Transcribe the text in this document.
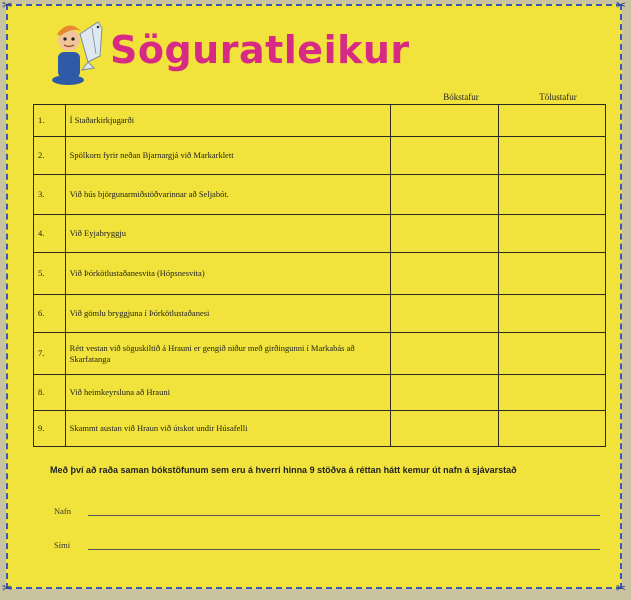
Söguratleikur
Bókstafur	Tölustafur
1.	Í Staðarkirkjugarði		
2.	Spölkorn fyrir neðan Bjarnargjá við Markarklett		
3.	Við hús björgunarmiðstöðvarinnar að Seljabót.		
4.	Við Eyjabryggju		
5.	Við Þórkötlustaðanesvita (Hópsnesvita)		
6.	Við gömlu bryggjuna í Þórkötlustaðanesi		
7.	Rétt vestan við söguskiltið á Hrauni er gengið niður með girðingunni í Markabás að Skarfatanga		
8.	Við heimkeyrsluna að Hrauni		
9.	Skammt austan við Hraun við útskot undir Húsafelli		
Með því að raða saman bókstöfunum sem eru á hverri hinna 9 stöðva á réttan hátt kemur út nafn á sjávarstað
Nafn
Sími
✂	✂
✂	✂
